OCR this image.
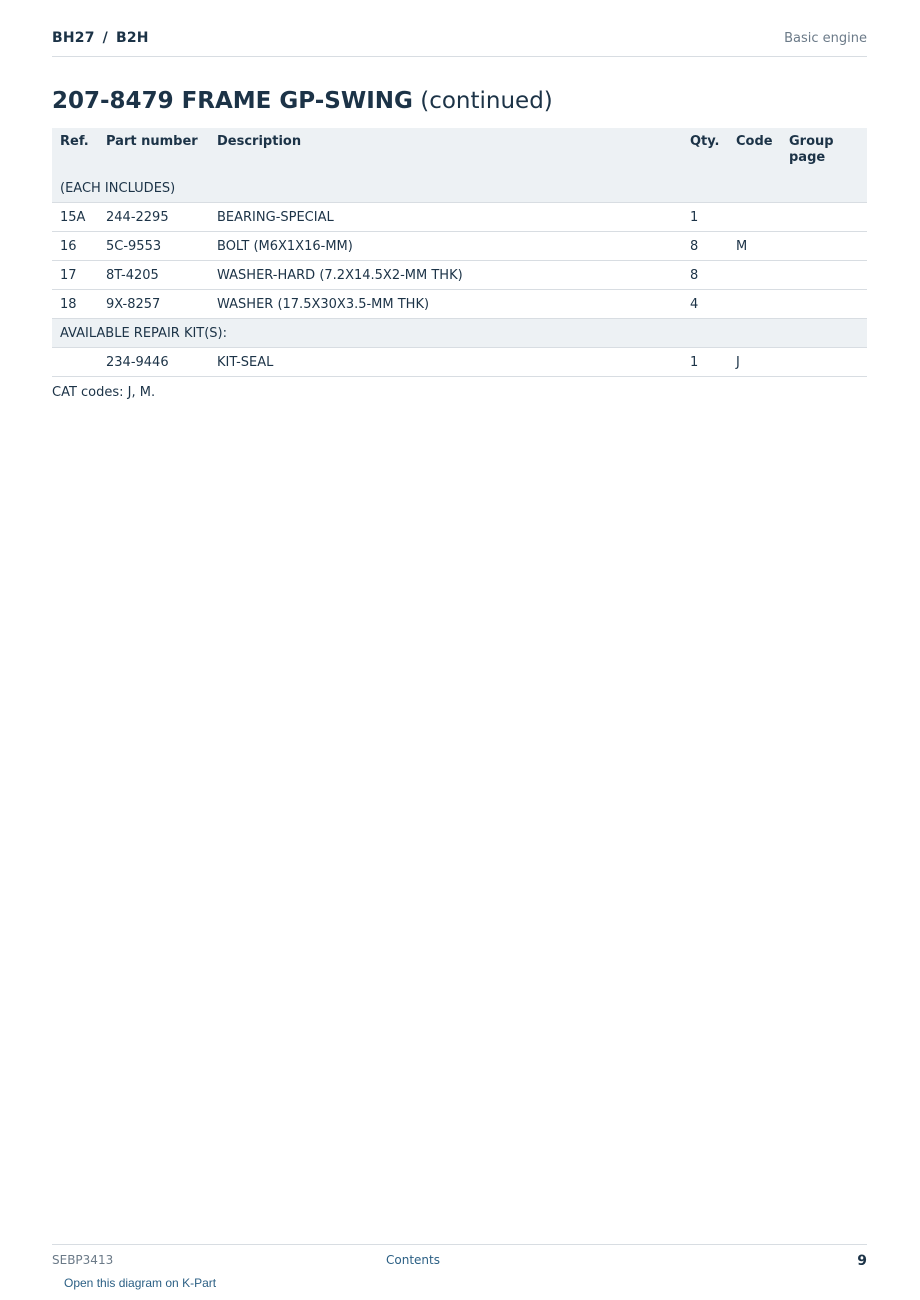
BH27 / B2H	Basic engine
207-8479 FRAME GP-SWING (continued)
Ref.	Part number	Description	Qty.	Code	Group page
(EACH INCLUDES)					
15A	244-2295	BEARING-SPECIAL	1		
16	5C-9553	BOLT (M6X1X16-MM)	8	M	
17	8T-4205	WASHER-HARD (7.2X14.5X2-MM THK)	8		
18	9X-8257	WASHER (17.5X30X3.5-MM THK)	4		
AVAILABLE REPAIR KIT(S):					
	234-9446	KIT-SEAL	1	J	
CAT codes: J, M.
SEBP3413	Contents	9
Open this diagram on K-Part
